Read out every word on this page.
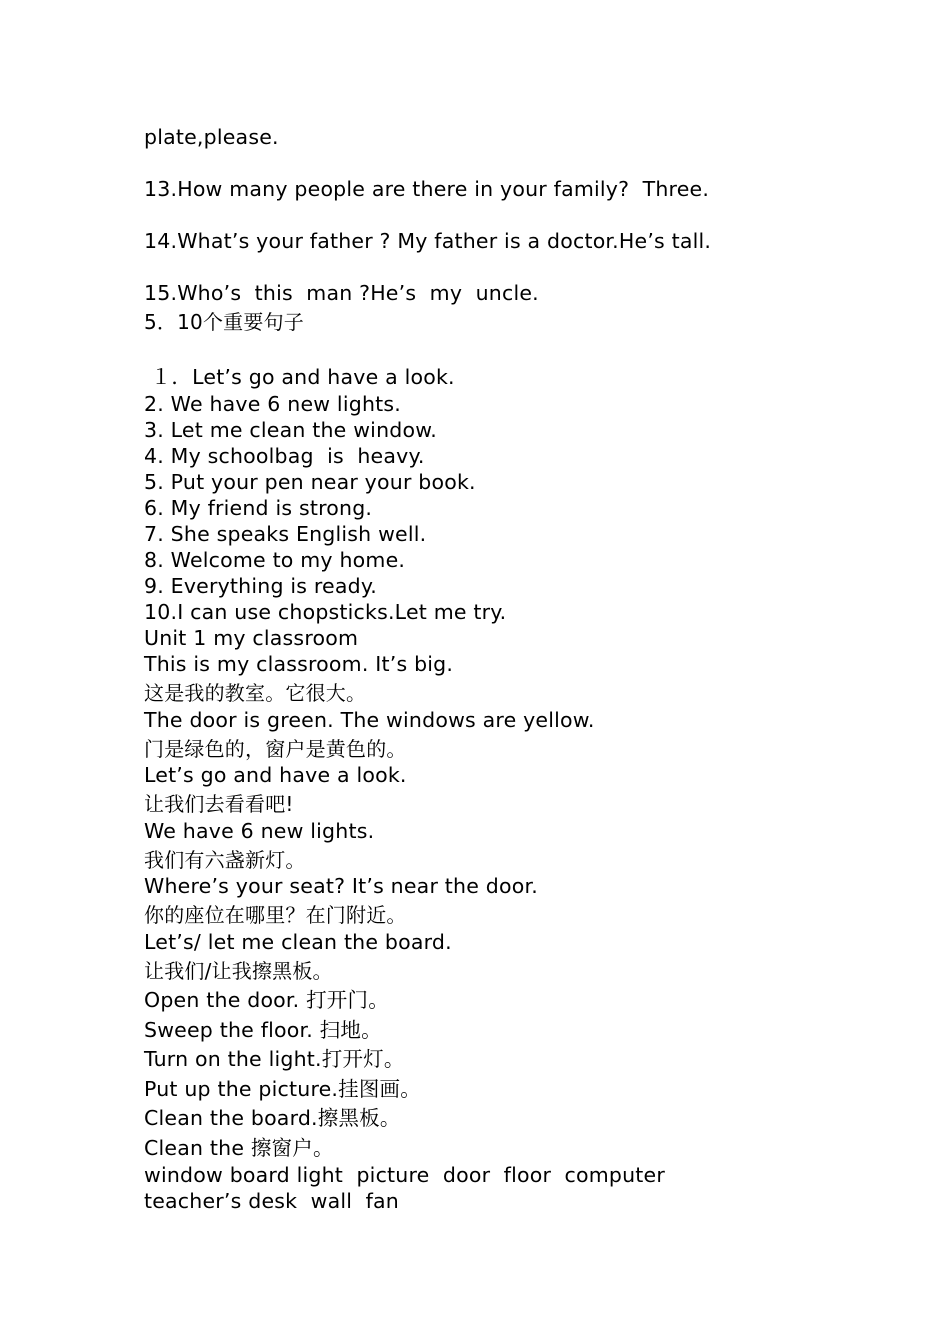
plate,please.
13.How many people are there in your family?  Three.
14.What’s your father ? My father is a doctor.He’s tall.
15.Who’s  this  man ?He’s  my  uncle.
5．10个重要句子
１．Let’s go and have a look.
2. We have 6 new lights.
3. Let me clean the window.
4. My schoolbag  is  heavy.
5. Put your pen near your book.
6. My friend is strong.
7. She speaks English well.
8. Welcome to my home.
9. Everything is ready.
10.I can use chopsticks.Let me try.
Unit 1 my classroom
This is my classroom. It’s big.
这是我的教室。它很大。
The door is green. The windows are yellow.
门是绿色的，窗户是黄色的。
Let’s go and have a look.
让我们去看看吧!
We have 6 new lights.
我们有六盏新灯。
Where’s your seat? It’s near the door.
你的座位在哪里？在门附近。
Let’s/ let me clean the board.
让我们/让我擦黑板。
Open the door. 打开门。
Sweep the floor. 扫地。
Turn on the light.打开灯。
Put up the picture.挂图画。
Clean the board.擦黑板。
Clean the 擦窗户。
window board light  picture  door  floor  computer
teacher’s desk  wall  fan
